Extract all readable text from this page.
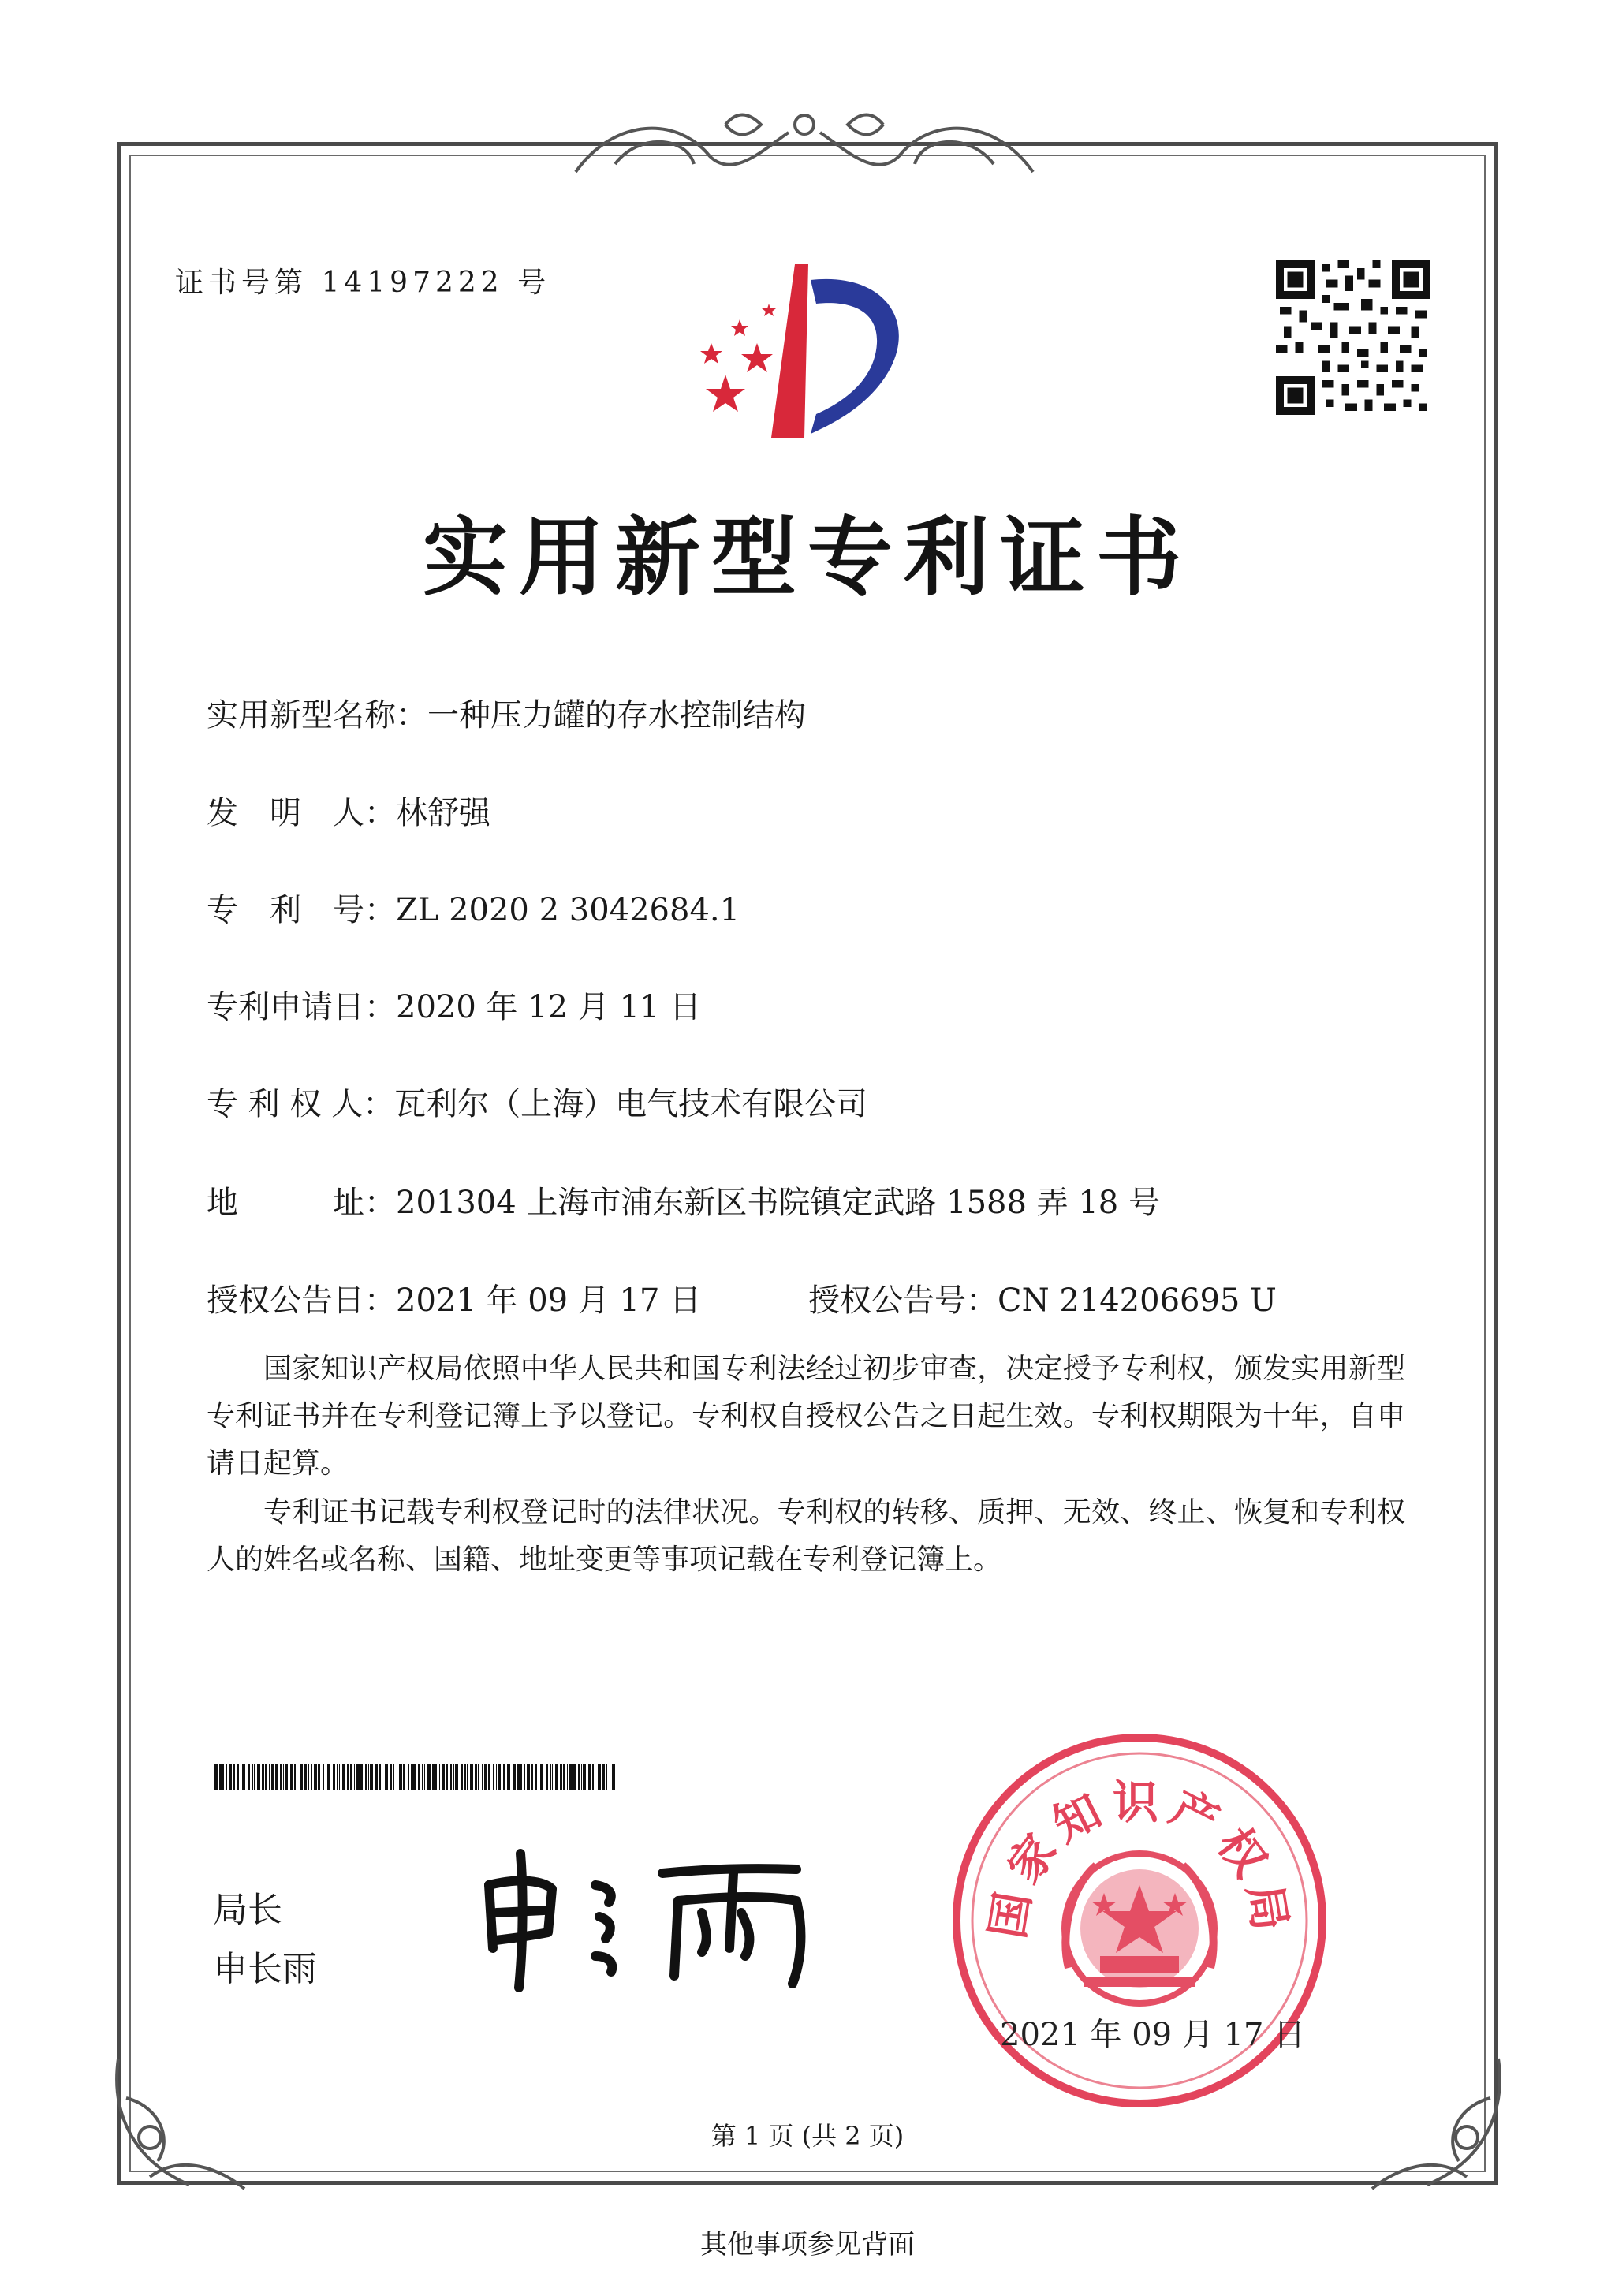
证书号第 14197222 号
实用新型专利证书
实用新型名称：一种压力罐的存水控制结构
发　明　人：林舒强
专　利　号：ZL 2020 2 3042684.1
专利申请日：2020 年 12 月 11 日
专 利 权 人：瓦利尔（上海）电气技术有限公司
地　　　址：201304 上海市浦东新区书院镇定武路 1588 弄 18 号
授权公告日：2021 年 09 月 17 日	授权公告号：CN 214206695 U
国家知识产权局依照中华人民共和国专利法经过初步审查，决定授予专利权，颁发实用新型专利证书并在专利登记簿上予以登记。专利权自授权公告之日起生效。专利权期限为十年，自申请日起算。
专利证书记载专利权登记时的法律状况。专利权的转移、质押、无效、终止、恢复和专利权人的姓名或名称、国籍、地址变更等事项记载在专利登记簿上。
局长
申长雨
国家知识产权局
2021 年 09 月 17 日
第 1 页 (共 2 页)
其他事项参见背面
